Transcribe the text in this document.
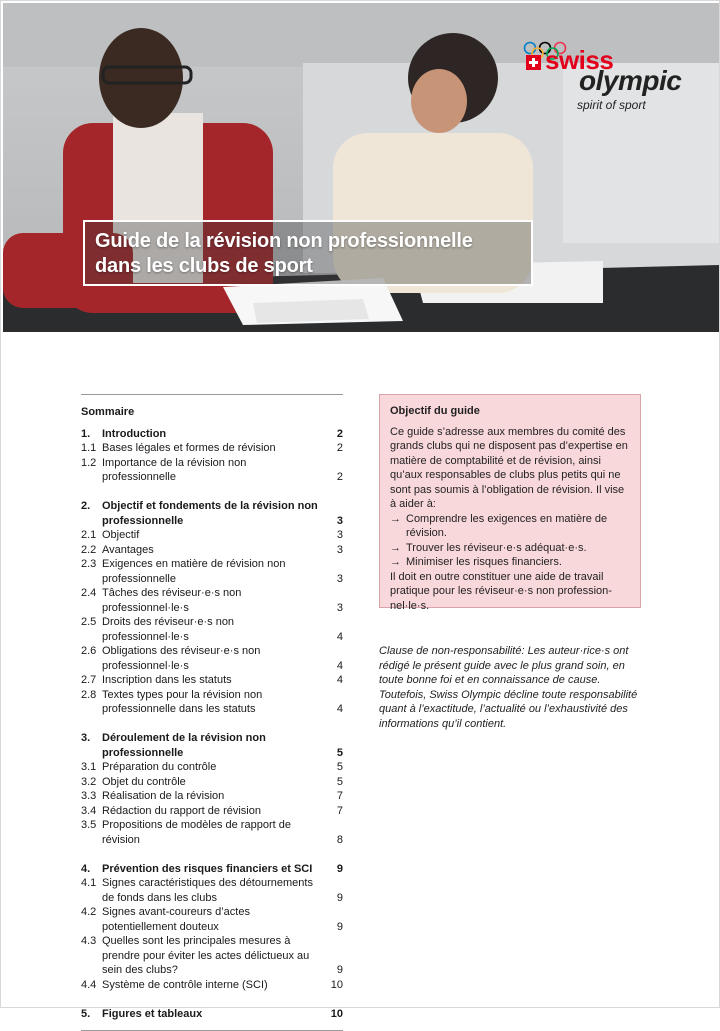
swiss
olympic
spirit of sport
Guide de la révision non professionnelle
dans les clubs de sport
Sommaire
1.	Introduction	2
1.1 Bases légales et formes de révision	2
1.2 Importance de la révision non professionnelle	2
2.	Objectif et fondements de la révision non professionnelle	3
2.1 Objectif	3
2.2 Avantages	3
2.3 Exigences en matière de révision non professionnelle	3
2.4 Tâches des réviseur·e·s non professionnel·le·s	3
2.5 Droits des réviseur·e·s non professionnel·le·s	4
2.6 Obligations des réviseur·e·s non professionnel·le·s	4
2.7 Inscription dans les statuts	4
2.8 Textes types pour la révision non professionnelle dans les statuts	4
3.	Déroulement de la révision non professionnelle	5
3.1 Préparation du contrôle	5
3.2 Objet du contrôle	5
3.3 Réalisation de la révision	7
3.4 Rédaction du rapport de révision	7
3.5 Propositions de modèles de rapport de révision	8
4.	Prévention des risques financiers et SCI	9
4.1 Signes caractéristiques des détournements de fonds dans les clubs	9
4.2 Signes avant-coureurs d’actes potentiellement douteux	9
4.3 Quelles sont les principales mesures à prendre pour éviter les actes délictueux au sein des clubs?	9
4.4 Système de contrôle interne (SCI)	10
5.	Figures et tableaux	10
Objectif du guide
Ce guide s’adresse aux membres du comité des grands clubs qui ne disposent pas d’expertise en matière de comptabilité et de révision, ainsi qu’aux responsables de clubs plus petits qui ne sont pas soumis à l’obligation de révision. Il vise à aider à:
→ Comprendre les exigences en matière de révision.
→ Trouver les réviseur·e·s adéquat·e·s.
→ Minimiser les risques financiers.
Il doit en outre constituer une aide de travail pratique pour les réviseur·e·s non professionnel·le·s.
Clause de non-responsabilité: Les auteur·rice·s ont rédigé le présent guide avec le plus grand soin, en toute bonne foi et en connaissance de cause. Toutefois, Swiss Olympic décline toute responsabilité quant à l’exactitude, l’actualité ou l’exhaustivité des informations qu’il contient.
